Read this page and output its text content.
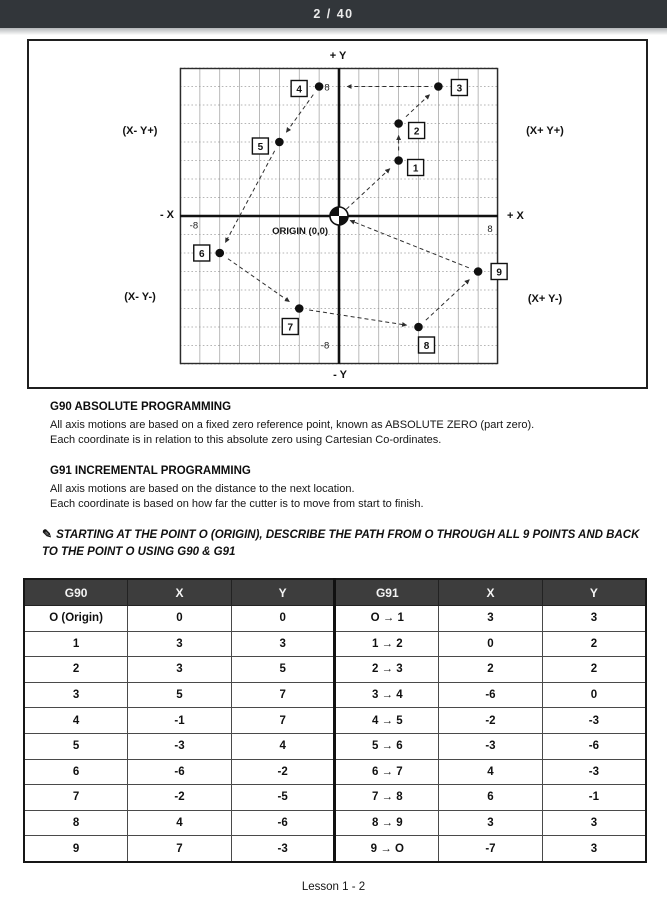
2 / 40
+ Y
- Y
- X	+ X
(X- Y+)	(X+ Y+)
(X- Y-)	(X+ Y-)
1
2
3
4
5
6
7
8
9
8
-8	8
-8
ORIGIN (0,0)
G90 ABSOLUTE PROGRAMMING

All axis motions are based on a fixed zero reference point, known as ABSOLUTE ZERO (part zero).

Each coordinate is in relation to this absolute zero using Cartesian Co-ordinates.

G91 INCREMENTAL PROGRAMMING

All axis motions are based on the distance to the next location.

Each coordinate is based on how far the cutter is to move from start to finish.

✎ STARTING AT THE POINT O (ORIGIN), DESCRIBE THE PATH FROM O THROUGH ALL 9 POINTS AND BACK TO THE POINT O USING G90 & G91
G90	X	Y	G91	X	Y
O (Origin)	0	0	O → 1	3	3
1	3	3	1 → 2	0	2
2	3	5	2 → 3	2	2
3	5	7	3 → 4	-6	0
4	-1	7	4 → 5	-2	-3
5	-3	4	5 → 6	-3	-6
6	-6	-2	6 → 7	4	-3
7	-2	-5	7 → 8	6	-1
8	4	-6	8 → 9	3	3
9	7	-3	9 → O	-7	3
Lesson 1 - 2
